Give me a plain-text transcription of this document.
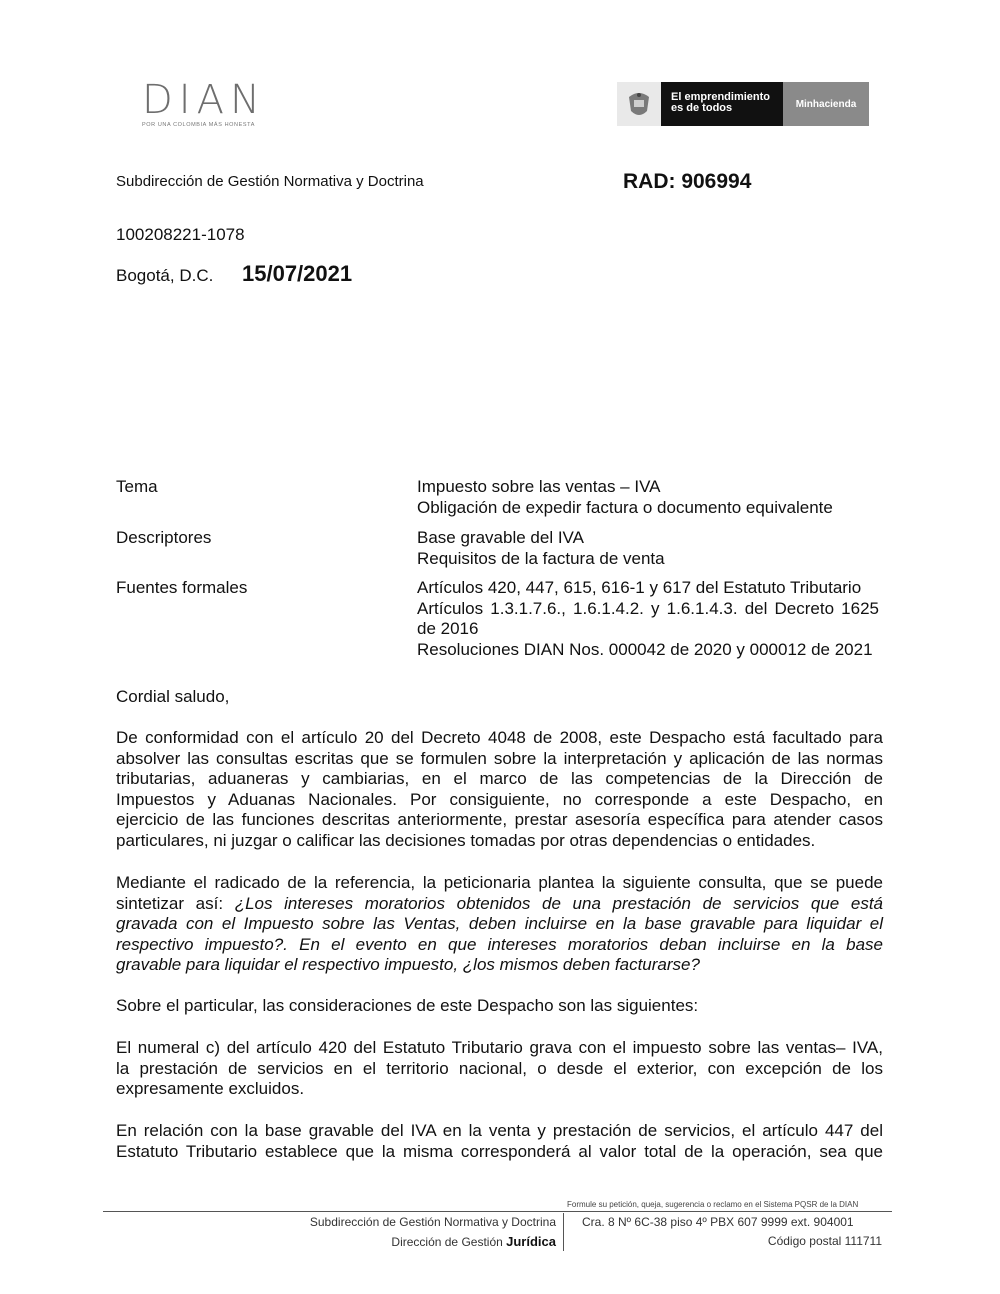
DIAN
POR UNA COLOMBIA MÁS HONESTA
El emprendimiento
es de todos	Minhacienda
Subdirección de Gestión Normativa y Doctrina	RAD: 906994
100208221-1078
Bogotá, D.C. 15/07/2021
Tema	Impuesto sobre las ventas – IVA
Obligación de expedir factura o documento equivalente
Descriptores	Base gravable del IVA
Requisitos de la factura de venta
Fuentes formales	Artículos 420, 447, 615, 616-1 y 617 del Estatuto Tributario
Artículos 1.3.1.7.6., 1.6.1.4.2. y 1.6.1.4.3. del Decreto 1625 de 2016
Resoluciones DIAN Nos. 000042 de 2020 y 000012 de 2021
Cordial saludo,
De conformidad con el artículo 20 del Decreto 4048 de 2008, este Despacho está facultado para
absolver las consultas escritas que se formulen sobre la interpretación y aplicación de las normas
tributarias, aduaneras y cambiarias, en el marco de las competencias de la Dirección de
Impuestos y Aduanas Nacionales. Por consiguiente, no corresponde a este Despacho, en
ejercicio de las funciones descritas anteriormente, prestar asesoría específica para atender casos
particulares, ni juzgar o calificar las decisiones tomadas por otras dependencias o entidades.
Mediante el radicado de la referencia, la peticionaria plantea la siguiente consulta, que se puede
sintetizar así: ¿Los intereses moratorios obtenidos de una prestación de servicios que está
gravada con el Impuesto sobre las Ventas, deben incluirse en la base gravable para liquidar el
respectivo impuesto?. En el evento en que intereses moratorios deban incluirse en la base
gravable para liquidar el respectivo impuesto, ¿los mismos deben facturarse?
Sobre el particular, las consideraciones de este Despacho son las siguientes:
El numeral c) del artículo 420 del Estatuto Tributario grava con el impuesto sobre las ventas– IVA,
la prestación de servicios en el territorio nacional, o desde el exterior, con excepción de los
expresamente excluidos.
En relación con la base gravable del IVA en la venta y prestación de servicios, el artículo 447 del
Estatuto Tributario establece que la misma corresponderá al valor total de la operación, sea que
Formule su petición, queja, sugerencia o reclamo en el Sistema PQSR de la DIAN
Subdirección de Gestión Normativa y Doctrina
Dirección de Gestión Jurídica
Cra. 8 Nº 6C-38 piso 4º PBX 607 9999 ext. 904001
Código postal 111711
